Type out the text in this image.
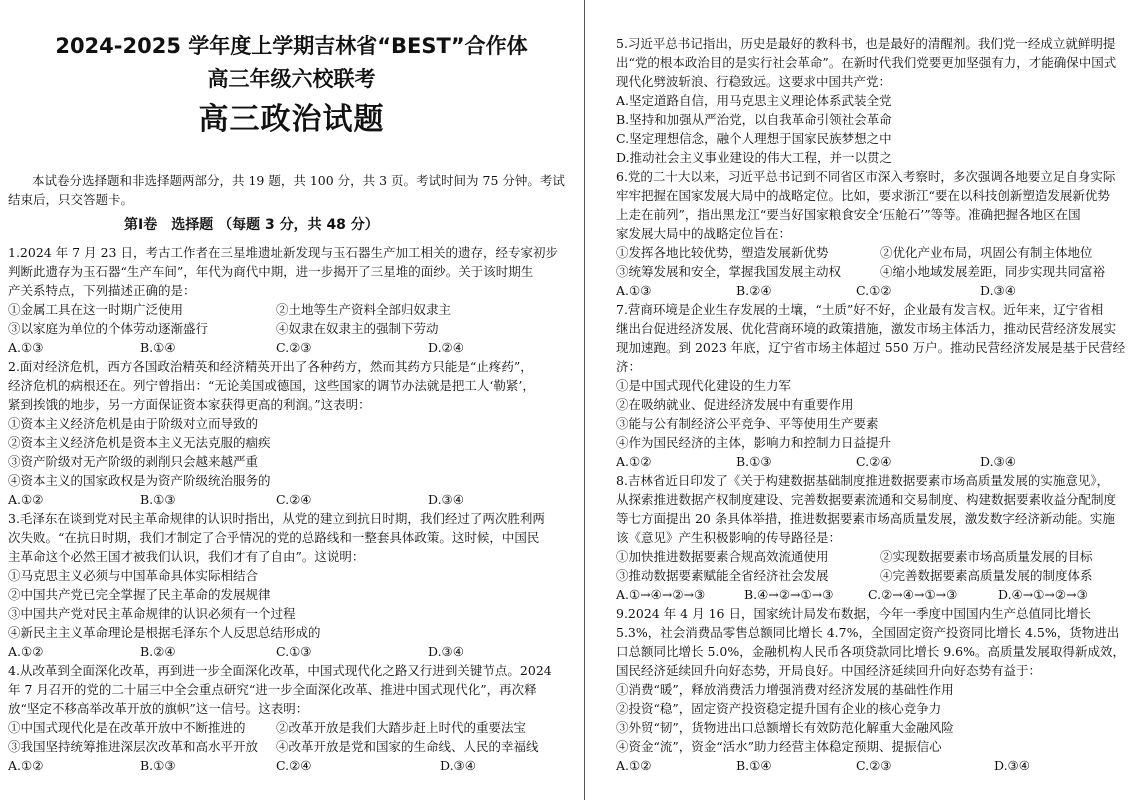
2024-2025 学年度上学期吉林省“BEST”合作体
高三年级六校联考
高三政治试题
本试卷分选择题和非选择题两部分，共 19 题，共 100 分，共 3 页。考试时间为 75 分钟。考试
结束后，只交答题卡。
第Ⅰ卷　选择题 （每题 3 分，共 48 分）
1.2024 年 7 月 23 日，考古工作者在三星堆遗址新发现与玉石器生产加工相关的遗存，经专家初步
判断此遗存为玉石器“生产车间”，年代为商代中期，进一步揭开了三星堆的面纱。关于该时期生
产关系特点，下列描述正确的是：
①金属工具在这一时期广泛使用	②土地等生产资料全部归奴隶主
③以家庭为单位的个体劳动逐渐盛行	④奴隶在奴隶主的强制下劳动
A.①③	B.①④	C.②③	D.②④
2.面对经济危机，西方各国政治精英和经济精英开出了各种药方，然而其药方只能是“止疼药”，
经济危机的病根还在。列宁曾指出：“无论美国或德国，这些国家的调节办法就是把工人‘勒紧’，
紧到挨饿的地步，另一方面保证资本家获得更高的利润。”这表明：
①资本主义经济危机是由于阶级对立而导致的
②资本主义经济危机是资本主义无法克服的痼疾
③资产阶级对无产阶级的剥削只会越来越严重
④资本主义的国家政权是为资产阶级统治服务的
A.①②	B.①③	C.②④	D.③④
3.毛泽东在谈到党对民主革命规律的认识时指出，从党的建立到抗日时期，我们经过了两次胜利两
次失败。“在抗日时期，我们才制定了合乎情况的党的总路线和一整套具体政策。这时候，中国民
主革命这个必然王国才被我们认识，我们才有了自由”。这说明：
①马克思主义必须与中国革命具体实际相结合
②中国共产党已完全掌握了民主革命的发展规律
③中国共产党对民主革命规律的认识必须有一个过程
④新民主主义革命理论是根据毛泽东个人反思总结形成的
A.①②	B.②④	C.①③	D.③④
4.从改革到全面深化改革，再到进一步全面深化改革，中国式现代化之路又行进到关键节点。2024
年 7 月召开的党的二十届三中全会重点研究“进一步全面深化改革、推进中国式现代化”，再次释
放“坚定不移高举改革开放的旗帜”这一信号。这表明：
①中国式现代化是在改革开放中不断推进的 ②改革开放是我们大踏步赶上时代的重要法宝
③我国坚持统筹推进深层次改革和高水平开放 ④改革开放是党和国家的生命线、人民的幸福线
A.①②	B.①③	C.②④	D.③④
5.习近平总书记指出，历史是最好的教科书，也是最好的清醒剂。我们党一经成立就鲜明提
出“党的根本政治目的是实行社会革命”。在新时代我们党要更加坚强有力，才能确保中国式
现代化劈波斩浪、行稳致远。这要求中国共产党：
A.坚定道路自信，用马克思主义理论体系武装全党
B.坚持和加强从严治党，以自我革命引领社会革命
C.坚定理想信念，融个人理想于国家民族梦想之中
D.推动社会主义事业建设的伟大工程，并一以贯之
6.党的二十大以来，习近平总书记到不同省区市深入考察时，多次强调各地要立足自身实际
牢牢把握在国家发展大局中的战略定位。比如，要求浙江“要在以科技创新塑造发展新优势
上走在前列”，指出黑龙江“要当好国家粮食安全‘压舱石’”等等。准确把握各地区在国
家发展大局中的战略定位旨在：
①发挥各地比较优势，塑造发展新优势	②优化产业布局，巩固公有制主体地位
③统筹发展和安全，掌握我国发展主动权	④缩小地域发展差距，同步实现共同富裕
A.①③	B.②④	C.①②	D.③④
7.营商环境是企业生存发展的土壤，“土质”好不好，企业最有发言权。近年来，辽宁省相
继出台促进经济发展、优化营商环境的政策措施，激发市场主体活力，推动民营经济发展实
现加速跑。到 2023 年底，辽宁省市场主体超过 550 万户。推动民营经济发展是基于民营经
济：
①是中国式现代化建设的生力军
②在吸纳就业、促进经济发展中有重要作用
③能与公有制经济公平竞争、平等使用生产要素
④作为国民经济的主体，影响力和控制力日益提升
A.①②	B.①③	C.②④	D.③④
8.吉林省近日印发了《关于构建数据基础制度推进数据要素市场高质量发展的实施意见》，
从探索推进数据产权制度建设、完善数据要素流通和交易制度、构建数据要素收益分配制度
等七方面提出 20 条具体举措，推进数据要素市场高质量发展，激发数字经济新动能。实施
该《意见》产生积极影响的传导路径是：
①加快推进数据要素合规高效流通使用	②实现数据要素市场高质量发展的目标
③推动数据要素赋能全省经济社会发展	④完善数据要素高质量发展的制度体系
A.①→④→②→③	B.④→②→①→③	C.②→④→①→③	D.④→①→②→③
9.2024 年 4 月 16 日，国家统计局发布数据，今年一季度中国国内生产总值同比增长
5.3%，社会消费品零售总额同比增长 4.7%，全国固定资产投资同比增长 4.5%，货物进出
口总额同比增长 5.0%，金融机构人民币各项贷款同比增长 9.6%。高质量发展取得新成效，
国民经济延续回升向好态势，开局良好。中国经济延续回升向好态势有益于：
①消费“暖”，释放消费活力增强消费对经济发展的基础性作用
②投资“稳”，固定资产投资稳定提升国有企业的核心竞争力
③外贸“韧”，货物进出口总额增长有效防范化解重大金融风险
④资金“流”，资金“活水”助力经营主体稳定预期、提振信心
A.①②	B.①④	C.②③	D.③④
